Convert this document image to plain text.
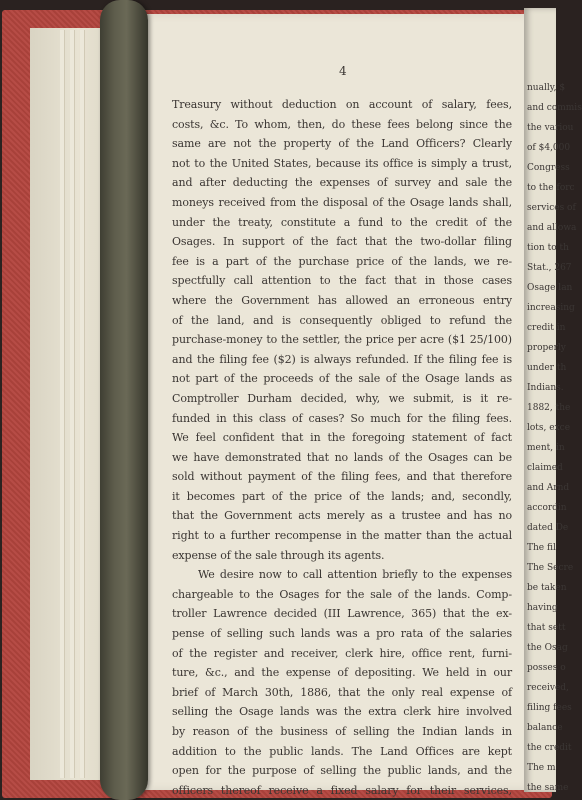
nually, $
and commis
the variou
of $4,000
Congress
to the forc
services of
and allowa
tion to th
Stat., 267
Osage lan
increasing
credit in
properly
under th
Indians.
1882, the
lots, exce
ment, in
claimed
and Arnd
accordin
dated De
The fil
The Secre
be taken
having
that sett
the Osag
posses o
received,
filing fees
balance
the credit
The m
the same
4
Treasury without deduction on account of salary, fees,
costs, &c. To whom, then, do these fees belong since the
same are not the property of the Land Officers? Clearly
not to the United States, because its office is simply a trust,
and after deducting the expenses of survey and sale the
moneys received from the disposal of the Osage lands shall,
under the treaty, constitute a fund to the credit of the
Osages. In support of the fact that the two-dollar filing
fee is a part of the purchase price of the lands, we re-
spectfully call attention to the fact that in those cases
where the Government has allowed an erroneous entry
of the land, and is consequently obliged to refund the
purchase-money to the settler, the price per acre ($1 25/100)
and the filing fee ($2) is always refunded. If the filing fee is
not part of the proceeds of the sale of the Osage lands as
Comptroller Durham decided, why, we submit, is it re-
funded in this class of cases? So much for the filing fees.
We feel confident that in the foregoing statement of fact
we have demonstrated that no lands of the Osages can be
sold without payment of the filing fees, and that therefore
it becomes part of the price of the lands; and, secondly,
that the Government acts merely as a trustee and has no
right to a further recompense in the matter than the actual
expense of the sale through its agents.
We desire now to call attention briefly to the expenses
chargeable to the Osages for the sale of the lands. Comp-
troller Lawrence decided (III Lawrence, 365) that the ex-
pense of selling such lands was a pro rata of the salaries
of the register and receiver, clerk hire, office rent, furni-
ture, &c., and the expense of depositing. We held in our
brief of March 30th, 1886, that the only real expense of
selling the Osage lands was the extra clerk hire involved
by reason of the business of selling the Indian lands in
addition to the public lands. The Land Offices are kept
open for the purpose of selling the public lands, and the
officers thereof receive a fixed salary for their services,
